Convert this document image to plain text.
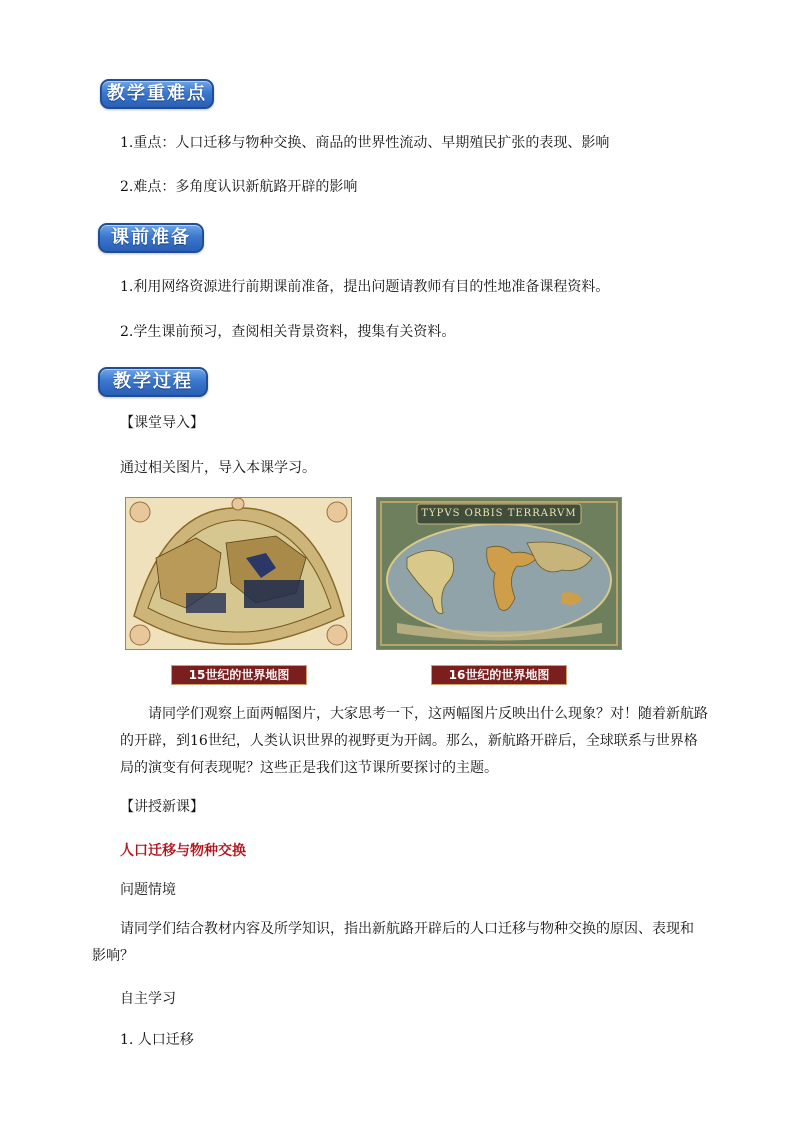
教学重难点
1.重点：人口迁移与物种交换、商品的世界性流动、早期殖民扩张的表现、影响
2.难点：多角度认识新航路开辟的影响
课前准备
1.利用网络资源进行前期课前准备，提出问题请教师有目的性地准备课程资料。
2.学生课前预习，查阅相关背景资料，搜集有关资料。
教学过程
【课堂导入】
通过相关图片，导入本课学习。
15世纪的世界地图
TYPVS ORBIS TERRARVM
16世纪的世界地图
请同学们观察上面两幅图片，大家思考一下，这两幅图片反映出什么现象？对！随着新航路的开辟，到16世纪，人类认识世界的视野更为开阔。那么，新航路开辟后，全球联系与世界格局的演变有何表现呢？这些正是我们这节课所要探讨的主题。
【讲授新课】
人口迁移与物种交换
问题情境
请同学们结合教材内容及所学知识，指出新航路开辟后的人口迁移与物种交换的原因、表现和影响？
自主学习
1. 人口迁移
